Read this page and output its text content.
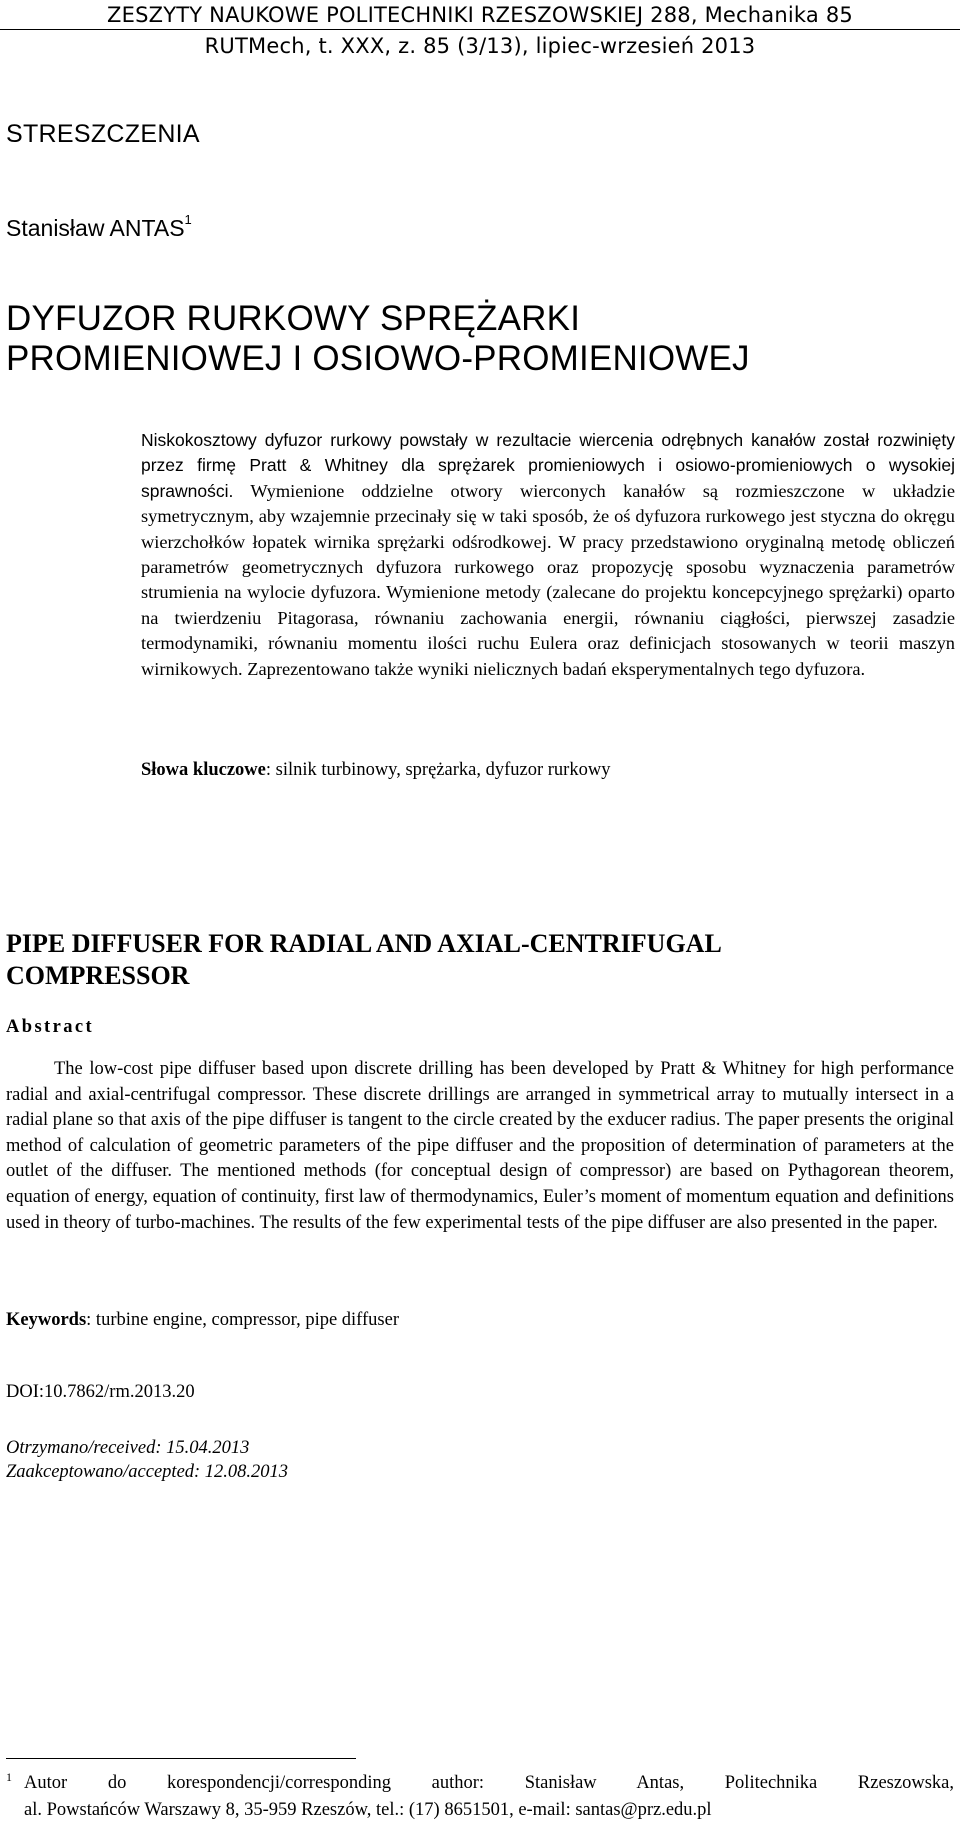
ZESZYTY NAUKOWE POLITECHNIKI RZESZOWSKIEJ 288, Mechanika 85
RUTMech, t. XXX, z. 85 (3/13), lipiec-wrzesień 2013
STRESZCZENIA
Stanisław ANTAS$^1$
DYFUZOR RURKOWY SPRĘŻARKI
PROMIENIOWEJ I OSIOWO-PROMIENIOWEJ
Niskokosztowy dyfuzor rurkowy powstały w rezultacie wiercenia odrębnych kanałów został rozwinięty przez firmę Pratt & Whitney dla sprężarek promieniowych i osiowo-promieniowych o wysokiej sprawności. Wymienione oddzielne otwory wierconych kanałów są rozmieszczone w układzie symetrycznym, aby wzajemnie przecinały się w taki sposób, że oś dyfuzora rurkowego jest styczna do okręgu wierzchołków łopatek wirnika sprężarki odśrodkowej. W pracy przedstawiono oryginalną metodę obliczeń parametrów geometrycznych dyfuzora rurkowego oraz propozycję sposobu wyznaczenia parametrów strumienia na wylocie dyfuzora. Wymienione metody (zalecane do projektu koncepcyjnego sprężarki) oparto na twierdzeniu Pitagorasa, równaniu zachowania energii, równaniu ciągłości, pierwszej zasadzie termodynamiki, równaniu momentu ilości ruchu Eulera oraz definicjach stosowanych w teorii maszyn wirnikowych. Zaprezentowano także wyniki nielicznych badań eksperymentalnych tego dyfuzora.
Słowa kluczowe: silnik turbinowy, sprężarka, dyfuzor rurkowy
PIPE DIFFUSER FOR RADIAL AND AXIAL-CENTRIFUGAL
COMPRESSOR
Abstract
The low-cost pipe diffuser based upon discrete drilling has been developed by Pratt & Whitney for high performance radial and axial-centrifugal compressor. These discrete drillings are arranged in symmetrical array to mutually intersect in a radial plane so that axis of the pipe diffuser is tangent to the circle created by the exducer radius. The paper presents the original method of calculation of geometric parameters of the pipe diffuser and the proposition of determination of parameters at the outlet of the diffuser. The mentioned methods (for conceptual design of compressor) are based on Pythagorean theorem, equation of energy, equation of continuity, first law of thermodynamics, Euler’s moment of momentum equation and definitions used in theory of turbo-machines. The results of the few experimental tests of the pipe diffuser are also presented in the paper.
Keywords: turbine engine, compressor, pipe diffuser
DOI:10.7862/rm.2013.20
Otrzymano/received: 15.04.2013
Zaakceptowano/accepted: 12.08.2013
1 Autor do korespondencji/corresponding author: Stanisław Antas, Politechnika Rzeszowska,
al. Powstańców Warszawy 8, 35-959 Rzeszów, tel.: (17) 8651501, e-mail: santas@prz.edu.pl
